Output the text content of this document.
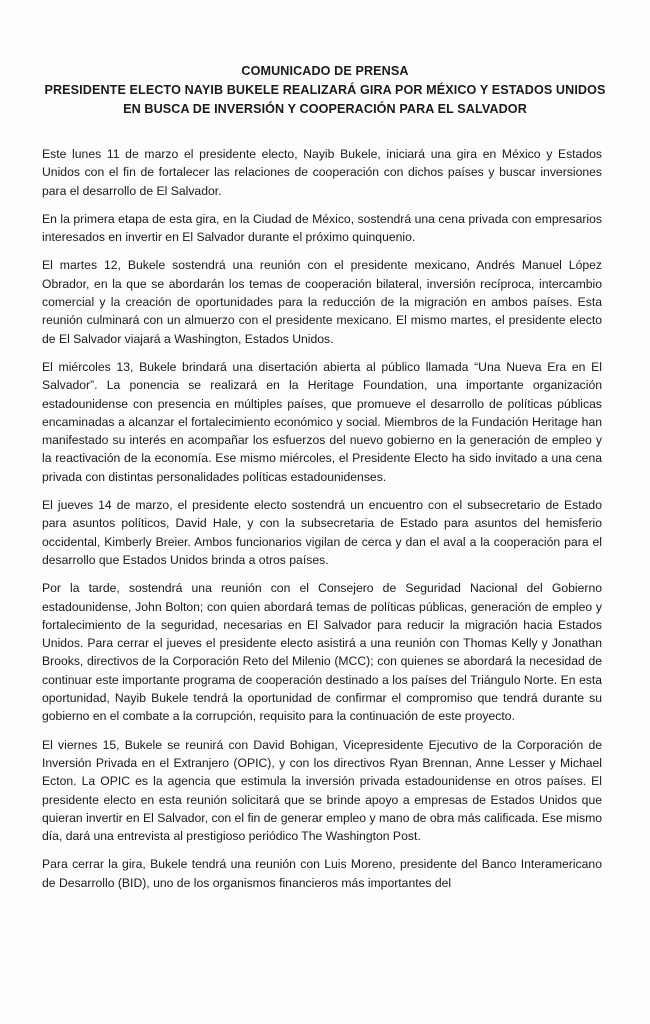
COMUNICADO DE PRENSA
PRESIDENTE ELECTO NAYIB BUKELE REALIZARÁ GIRA POR MÉXICO Y ESTADOS UNIDOS
EN BUSCA DE INVERSIÓN Y COOPERACIÓN PARA EL SALVADOR

Este lunes 11 de marzo el presidente electo, Nayib Bukele, iniciará una gira en México y Estados Unidos con el fin de fortalecer las relaciones de cooperación con dichos países y buscar inversiones para el desarrollo de El Salvador.

En la primera etapa de esta gira, en la Ciudad de México, sostendrá una cena privada con empresarios interesados en invertir en El Salvador durante el próximo quinquenio.

El martes 12, Bukele sostendrá una reunión con el presidente mexicano, Andrés Manuel López Obrador, en la que se abordarán los temas de cooperación bilateral, inversión recíproca, intercambio comercial y la creación de oportunidades para la reducción de la migración en ambos países. Esta reunión culminará con un almuerzo con el presidente mexicano. El mismo martes, el presidente electo de El Salvador viajará a Washington, Estados Unidos.

El miércoles 13, Bukele brindará una disertación abierta al público llamada “Una Nueva Era en El Salvador”. La ponencia se realizará en la Heritage Foundation, una importante organización estadounidense con presencia en múltiples países, que promueve el desarrollo de políticas públicas encaminadas a alcanzar el fortalecimiento económico y social. Miembros de la Fundación Heritage han manifestado su interés en acompañar los esfuerzos del nuevo gobierno en la generación de empleo y la reactivación de la economía. Ese mismo miércoles, el Presidente Electo ha sido invitado a una cena privada con distintas personalidades políticas estadounidenses.

El jueves 14 de marzo, el presidente electo sostendrá un encuentro con el subsecretario de Estado para asuntos políticos, David Hale, y con la subsecretaria de Estado para asuntos del hemisferio occidental, Kimberly Breier. Ambos funcionarios vigilan de cerca y dan el aval a la cooperación para el desarrollo que Estados Unidos brinda a otros países.

Por la tarde, sostendrá una reunión con el Consejero de Seguridad Nacional del Gobierno estadounidense, John Bolton; con quien abordará temas de políticas públicas, generación de empleo y fortalecimiento de la seguridad, necesarias en El Salvador para reducir la migración hacia Estados Unidos. Para cerrar el jueves el presidente electo asistirá a una reunión con Thomas Kelly y Jonathan Brooks, directivos de la Corporación Reto del Milenio (MCC); con quienes se abordará la necesidad de continuar este importante programa de cooperación destinado a los países del Triángulo Norte. En esta oportunidad, Nayib Bukele tendrá la oportunidad de confirmar el compromiso que tendrá durante su gobierno en el combate a la corrupción, requisito para la continuación de este proyecto.

El viernes 15, Bukele se reunirá con David Bohigan, Vicepresidente Ejecutivo de la Corporación de Inversión Privada en el Extranjero (OPIC), y con los directivos Ryan Brennan, Anne Lesser y Michael Ecton. La OPIC es la agencia que estimula la inversión privada estadounidense en otros países. El presidente electo en esta reunión solicitará que se brinde apoyo a empresas de Estados Unidos que quieran invertir en El Salvador, con el fin de generar empleo y mano de obra más calificada. Ese mismo día, dará una entrevista al prestigioso periódico The Washington Post.

Para cerrar la gira, Bukele tendrá una reunión con Luis Moreno, presidente del Banco Interamericano de Desarrollo (BID), uno de los organismos financieros más importantes del
